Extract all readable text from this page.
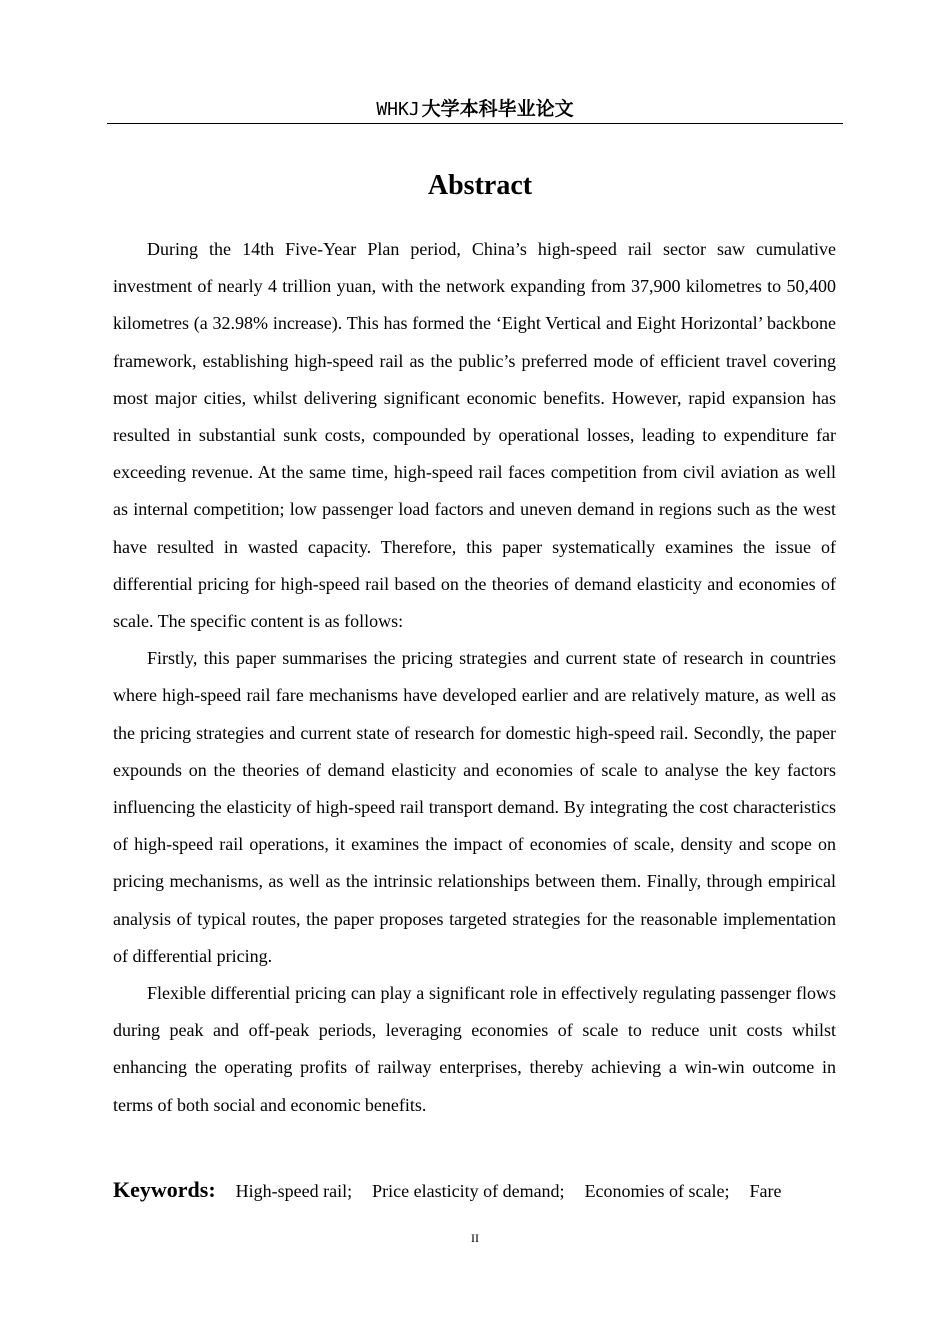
WHKJ 大学本科毕业论文
Abstract

During the 14th Five-Year Plan period, China’s high-speed rail sector saw cumulative investment of nearly 4 trillion yuan, with the network expanding from 37,900 kilometres to 50,400 kilometres (a 32.98% increase). This has formed the ‘Eight Vertical and Eight Horizontal’ backbone framework, establishing high-speed rail as the public’s preferred mode of efficient travel covering most major cities, whilst delivering significant economic benefits. However, rapid expansion has resulted in substantial sunk costs, compounded by operational losses, leading to expenditure far exceeding revenue. At the same time, high-speed rail faces competition from civil aviation as well as internal competition; low passenger load factors and uneven demand in regions such as the west have resulted in wasted capacity. Therefore, this paper systematically examines the issue of differential pricing for high-speed rail based on the theories of demand elasticity and economies of scale. The specific content is as follows:

Firstly, this paper summarises the pricing strategies and current state of research in countries where high-speed rail fare mechanisms have developed earlier and are relatively mature, as well as the pricing strategies and current state of research for domestic high-speed rail. Secondly, the paper expounds on the theories of demand elasticity and economies of scale to analyse the key factors influencing the elasticity of high-speed rail transport demand. By integrating the cost characteristics of high-speed rail operations, it examines the impact of economies of scale, density and scope on pricing mechanisms, as well as the intrinsic relationships between them. Finally, through empirical analysis of typical routes, the paper proposes targeted strategies for the reasonable implementation of differential pricing.

Flexible differential pricing can play a significant role in effectively regulating passenger flows during peak and off-peak periods, leveraging economies of scale to reduce unit costs whilst enhancing the operating profits of railway enterprises, thereby achieving a win-win outcome in terms of both social and economic benefits.

Keywords: High-speed rail; Price elasticity of demand; Economies of scale; Fare
II
